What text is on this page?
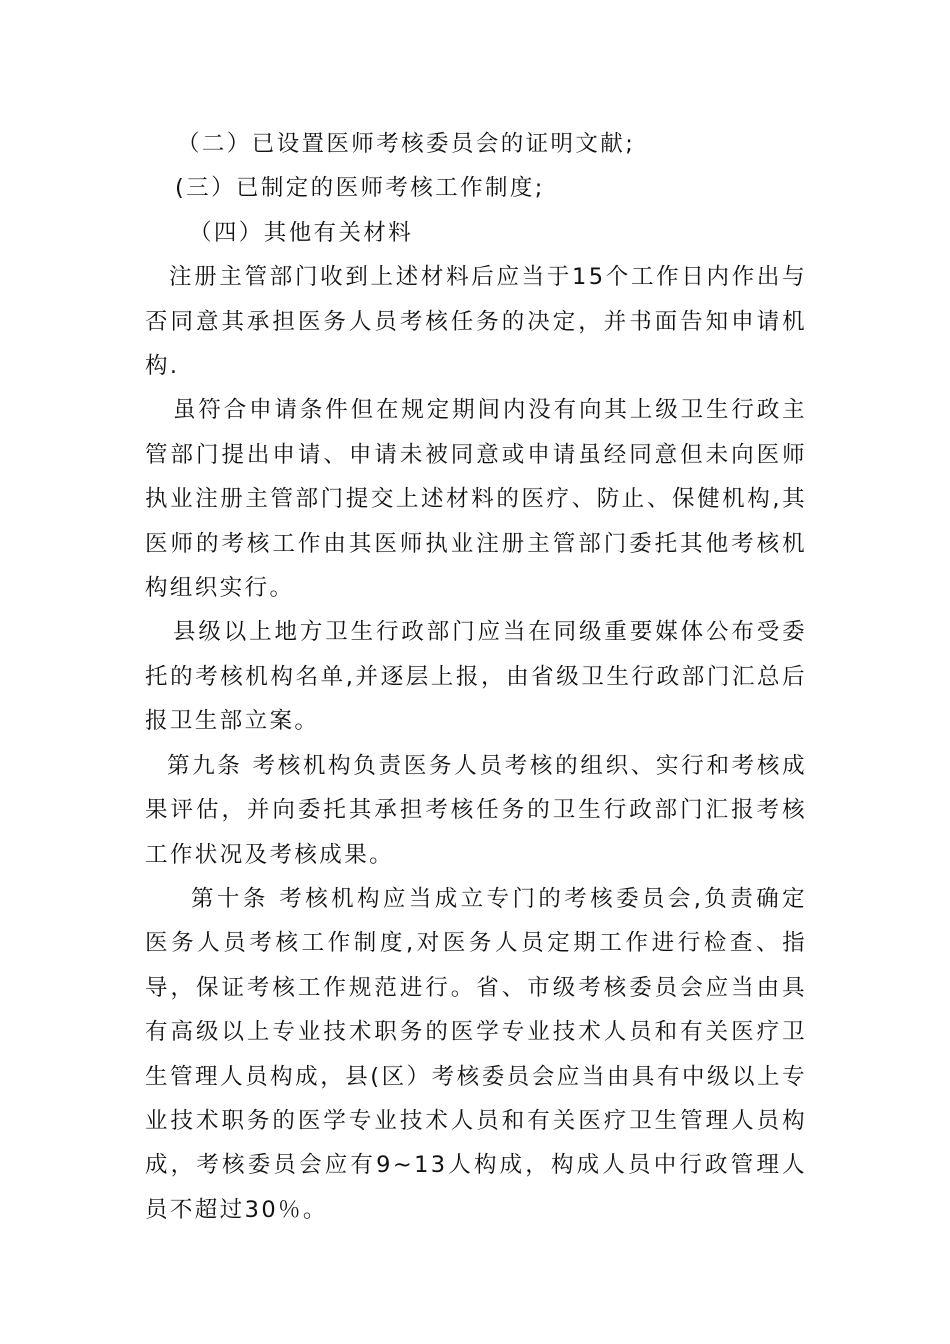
（二）已设置医师考核委员会的证明文献;

(三）已制定的医师考核工作制度;

（四）其他有关材料

注册主管部门收到上述材料后应当于15个工作日内作出与否同意其承担医务人员考核任务的决定，并书面告知申请机构.

虽符合申请条件但在规定期间内没有向其上级卫生行政主管部门提出申请、申请未被同意或申请虽经同意但未向医师执业注册主管部门提交上述材料的医疗、防止、保健机构,其医师的考核工作由其医师执业注册主管部门委托其他考核机构组织实行。

县级以上地方卫生行政部门应当在同级重要媒体公布受委托的考核机构名单,并逐层上报，由省级卫生行政部门汇总后报卫生部立案。

第九条 考核机构负责医务人员考核的组织、实行和考核成果评估，并向委托其承担考核任务的卫生行政部门汇报考核工作状况及考核成果。

第十条 考核机构应当成立专门的考核委员会,负责确定医务人员考核工作制度,对医务人员定期工作进行检查、指导，保证考核工作规范进行。省、市级考核委员会应当由具有高级以上专业技术职务的医学专业技术人员和有关医疗卫生管理人员构成，县(区）考核委员会应当由具有中级以上专业技术职务的医学专业技术人员和有关医疗卫生管理人员构成，考核委员会应有9~13人构成，构成人员中行政管理人员不超过30％。
